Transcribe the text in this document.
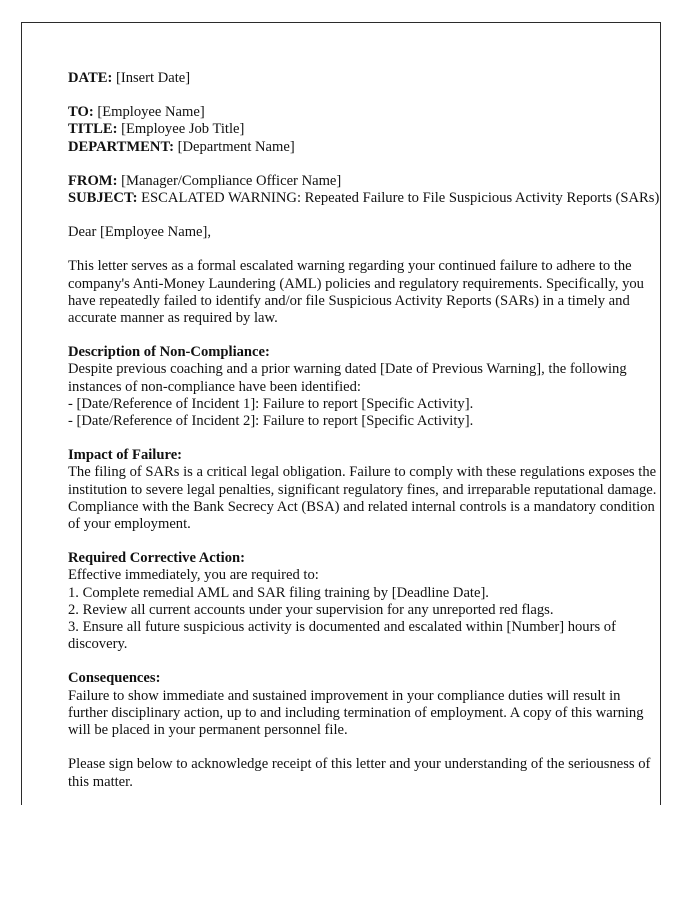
DATE: [Insert Date]
TO: [Employee Name]
TITLE: [Employee Job Title]
DEPARTMENT: [Department Name]
FROM: [Manager/Compliance Officer Name]
SUBJECT: ESCALATED WARNING: Repeated Failure to File Suspicious Activity Reports (SARs)

Dear [Employee Name],

This letter serves as a formal escalated warning regarding your continued failure to adhere to the company's Anti-Money Laundering (AML) policies and regulatory requirements. Specifically, you have repeatedly failed to identify and/or file Suspicious Activity Reports (SARs) in a timely and accurate manner as required by law.

Description of Non-Compliance:

Despite previous coaching and a prior warning dated [Date of Previous Warning], the following instances of non-compliance have been identified:

- [Date/Reference of Incident 1]: Failure to report [Specific Activity].
- [Date/Reference of Incident 2]: Failure to report [Specific Activity].
Impact of Failure:

The filing of SARs is a critical legal obligation. Failure to comply with these regulations exposes the institution to severe legal penalties, significant regulatory fines, and irreparable reputational damage. Compliance with the Bank Secrecy Act (BSA) and related internal controls is a mandatory condition of your employment.

Required Corrective Action:

Effective immediately, you are required to:

1. Complete remedial AML and SAR filing training by [Deadline Date].
2. Review all current accounts under your supervision for any unreported red flags.
3. Ensure all future suspicious activity is documented and escalated within [Number] hours of discovery.
Consequences:

Failure to show immediate and sustained improvement in your compliance duties will result in further disciplinary action, up to and including termination of employment. A copy of this warning will be placed in your permanent personnel file.

Please sign below to acknowledge receipt of this letter and your understanding of the seriousness of this matter.
